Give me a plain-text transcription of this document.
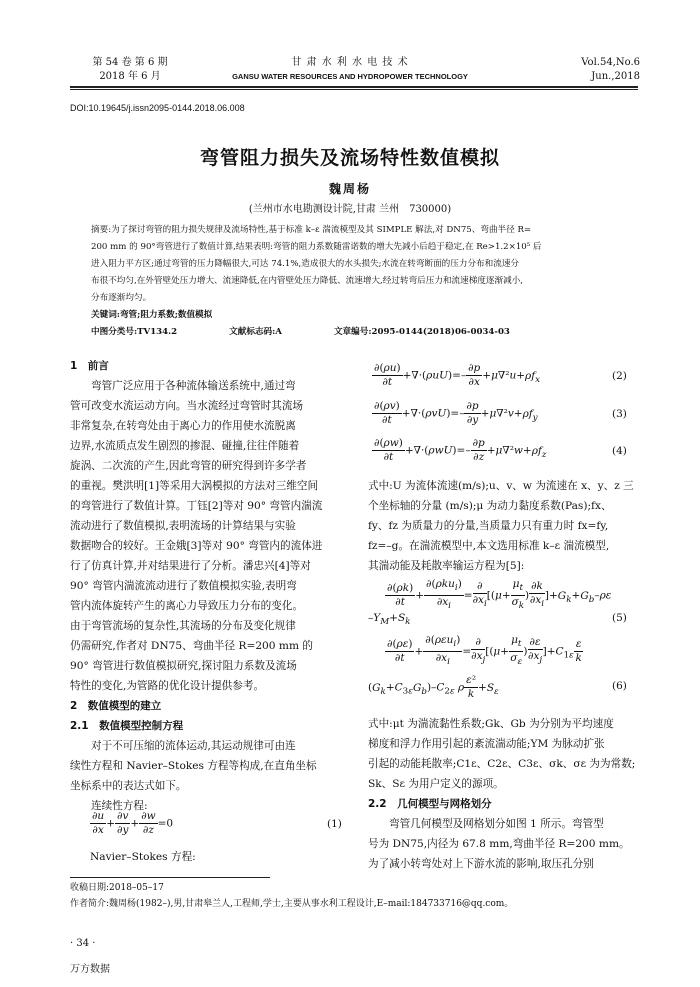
第 54 卷 第 6 期
2018 年 6 月
甘 肃 水 利 水 电 技 术
GANSU WATER RESOURCES AND HYDROPOWER TECHNOLOGY
Vol.54,No.6
Jun.,2018
DOI:10.19645/j.issn2095-0144.2018.06.008
弯管阻力损失及流场特性数值模拟
魏周杨
(兰州市水电勘测设计院,甘肃 兰州　730000)
摘要:为了探讨弯管的阻力损失规律及流场特性,基于标准 k–ε 湍流模型及其 SIMPLE 解法,对 DN75、弯曲半径 R=
200 mm 的 90°弯管进行了数值计算,结果表明:弯管的阻力系数随雷诺数的增大先减小后趋于稳定,在 Re>1.2×10⁵ 后
进入阻力平方区;通过弯管的压力降幅很大,可达 74.1%,造成很大的水头损失;水流在转弯断面的压力分布和流速分
布很不均匀,在外管壁处压力增大、流速降低,在内管壁处压力降低、流速增大,经过转弯后压力和流速梯度逐渐减小,
分布逐渐均匀。
关键词:弯管;阻力系数;数值模拟
中图分类号:TV134.2	文献标志码:A	文章编号:2095-0144(2018)06-0034-03
1　前言
弯管广泛应用于各种流体输送系统中,通过弯
管可改变水流运动方向。当水流经过弯管时其流场
非常复杂,在转弯处由于离心力的作用使水流脱离
边界,水流质点发生剧烈的掺混、碰撞,往往伴随着
旋涡、二次流的产生,因此弯管的研究得到许多学者
的重视。樊洪明[1]等采用大涡模拟的方法对三维空间
的弯管进行了数值计算。丁钰[2]等对 90° 弯管内湍流
流动进行了数值模拟,表明流场的计算结果与实验
数据吻合的较好。王金娥[3]等对 90° 弯管内的流体进
行了仿真计算,并对结果进行了分析。潘忠兴[4]等对
90° 弯管内湍流流动进行了数值模拟实验,表明弯
管内流体旋转产生的离心力导致压力分布的变化。
由于弯管流场的复杂性,其流场的分布及变化规律
仍需研究,作者对 DN75、弯曲半径 R=200 mm 的
90° 弯管进行数值模拟研究,探讨阻力系数及流场
特性的变化,为管路的优化设计提供参考。
2　数值模型的建立
2.1　数值模型控制方程
对于不可压缩的流体运动,其运动规律可由连
续性方程和 Navier–Stokes 方程等构成,在直角坐标
坐标系中的表达式如下。
连续性方程:
$\frac{\partial u}{\partial x} + \frac{\partial v}{\partial y} + \frac{\partial w}{\partial z} =0$	(1)
Navier–Stokes 方程:
$\frac{\partial(\rho u)}{\partial t} +\nabla\cdot(\rho uU)=- \frac{\partial p}{\partial x} +\mu\nabla^2u+\rho f_x$	(2)
$\frac{\partial(\rho v)}{\partial t} +\nabla\cdot(\rho vU)=- \frac{\partial p}{\partial y} +\mu\nabla^2v+\rho f_y$	(3)
$\frac{\partial(\rho w)}{\partial t} +\nabla\cdot(\rho wU)=- \frac{\partial p}{\partial z} +\mu\nabla^2w+\rho f_z$	(4)
式中:U 为流体流速(m/s);u、v、w 为流速在 x、y、z 三
个坐标轴的分量 (m/s);μ 为动力黏度系数(Pas);fx、
fy、fz 为质量力的分量,当质量力只有重力时 fx=fy,
fz=–g。在湍流模型中,本文选用标准 k–ε 湍流模型,
其湍动能及耗散率输运方程为[5]:
$\frac{\partial(\rho k)}{\partial t} + \frac{\partial(\rho ku_i)}{\partial x_i} = \frac{\partial}{\partial x_i} [(\mu+ \frac{\mu_t}{\sigma_k}$ ) $\frac{\partial k}{\partial x_i} ]+G_k+G_b-\rho\varepsilon$
$-Y_M+S_k$	(5)
$\frac{\partial(\rho\varepsilon)}{\partial t} + \frac{\partial(\rho\varepsilon u_i)}{\partial x_i} = \frac{\partial}{\partial x_j} [(\mu+ \frac{\mu_t}{\sigma_\varepsilon}$ ) $\frac{\partial\varepsilon}{\partial x_j} ]+C_{1\varepsilon} \frac{\varepsilon}{k}$
$(G_k+C_{3\varepsilon}G_b)-C_{2\varepsilon}$ ρ $\frac{\text{ε²}}{k} +S_\varepsilon$	(6)
式中:μt 为湍流黏性系数;Gk、Gb 为分别为平均速度
梯度和浮力作用引起的紊流湍动能;YM 为脉动扩张
引起的动能耗散率;C1ε、C2ε、C3ε、σk、σε 为为常数;
Sk、Sε 为用户定义的源项。
2.2　几何模型与网格划分
弯管几何模型及网格划分如图 1 所示。弯管型
号为 DN75,内径为 67.8 mm,弯曲半径 R=200 mm。
为了减小转弯处对上下游水流的影响,取压孔分别
收稿日期:2018–05–17
作者简介:魏周杨(1982–),男,甘肃皋兰人,工程师,学士,主要从事水利工程设计,E–mail:184733716@qq.com。
· 34 ·
万方数据
